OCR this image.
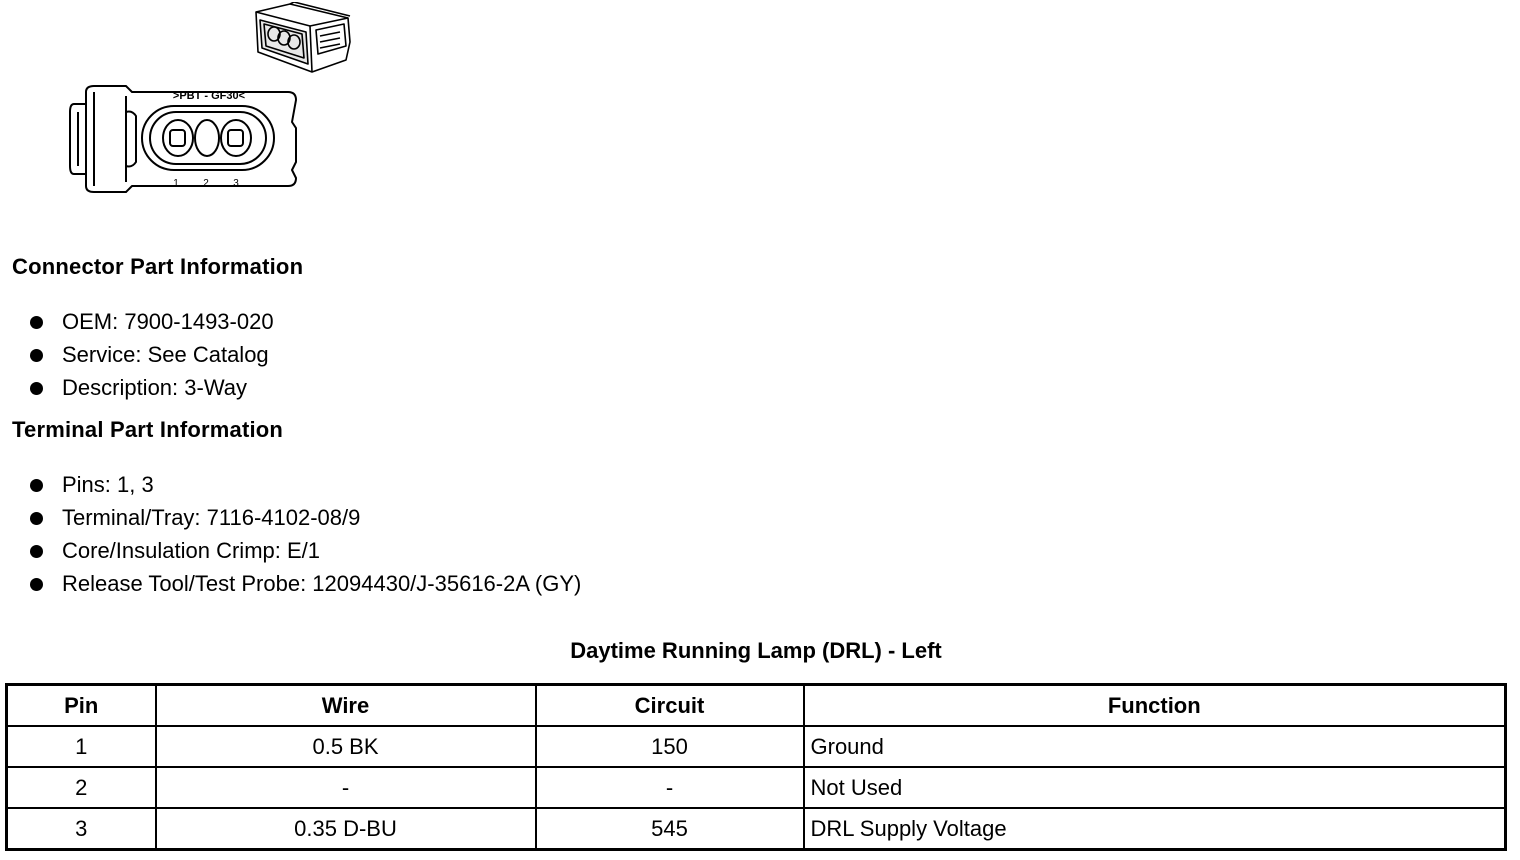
>PBT - GF30<
1 2 3
Connector Part Information
OEM: 7900-1493-020
Service: See Catalog
Description: 3-Way
Terminal Part Information
Pins: 1, 3
Terminal/Tray: 7116-4102-08/9
Core/Insulation Crimp: E/1
Release Tool/Test Probe: 12094430/J-35616-2A (GY)
Daytime Running Lamp (DRL) - Left
Pin	Wire	Circuit	Function
1	0.5 BK	150	Ground
2	-	-	Not Used
3	0.35 D-BU	545	DRL Supply Voltage
